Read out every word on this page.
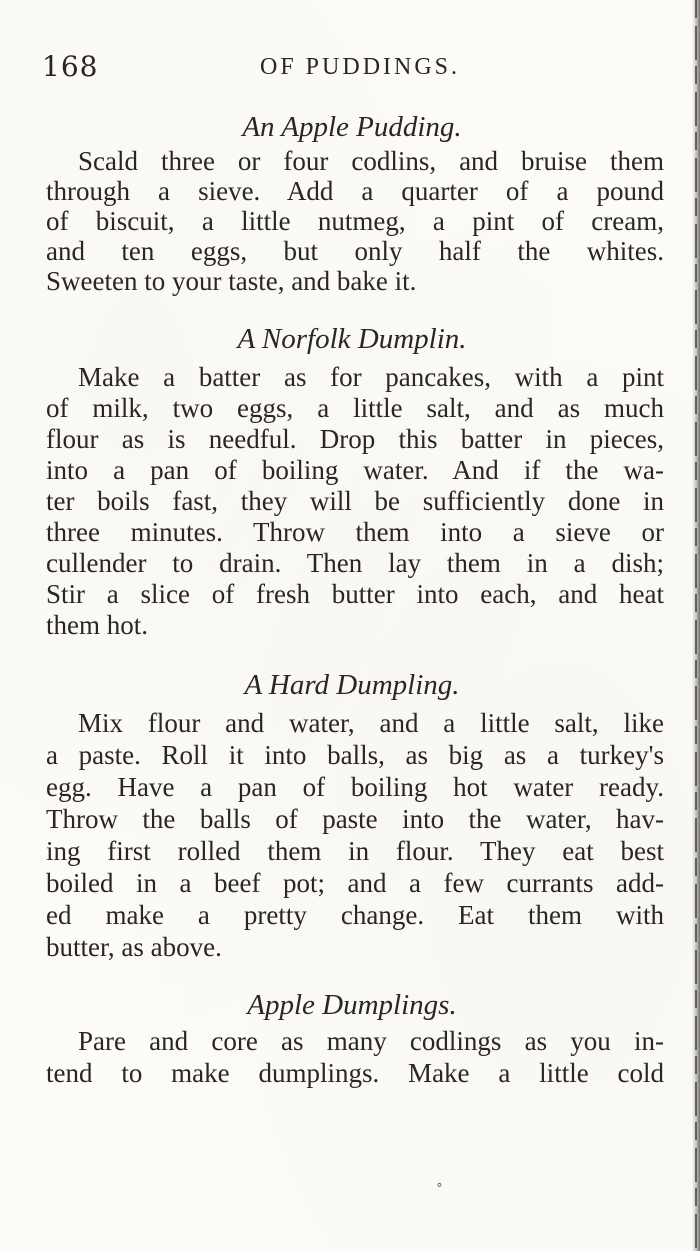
168	OF PUDDINGS.
An Apple Pudding.
Scald three or four codlins, and bruise them
through a sieve. Add a quarter of a pound
of biscuit, a little nutmeg, a pint of cream,
and ten eggs, but only half the whites.
Sweeten to your taste, and bake it.
A Norfolk Dumplin.
Make a batter as for pancakes, with a pint
of milk, two eggs, a little salt, and as much
flour as is needful. Drop this batter in pieces,
into a pan of boiling water. And if the wa-
ter boils fast, they will be sufficiently done in
three minutes. Throw them into a sieve or
cullender to drain. Then lay them in a dish;
Stir a slice of fresh butter into each, and heat
them hot.
A Hard Dumpling.
Mix flour and water, and a little salt, like
a paste. Roll it into balls, as big as a turkey's
egg. Have a pan of boiling hot water ready.
Throw the balls of paste into the water, hav-
ing first rolled them in flour. They eat best
boiled in a beef pot; and a few currants add-
ed make a pretty change. Eat them with
butter, as above.
Apple Dumplings.
Pare and core as many codlings as you in-
tend to make dumplings. Make a little cold
°
